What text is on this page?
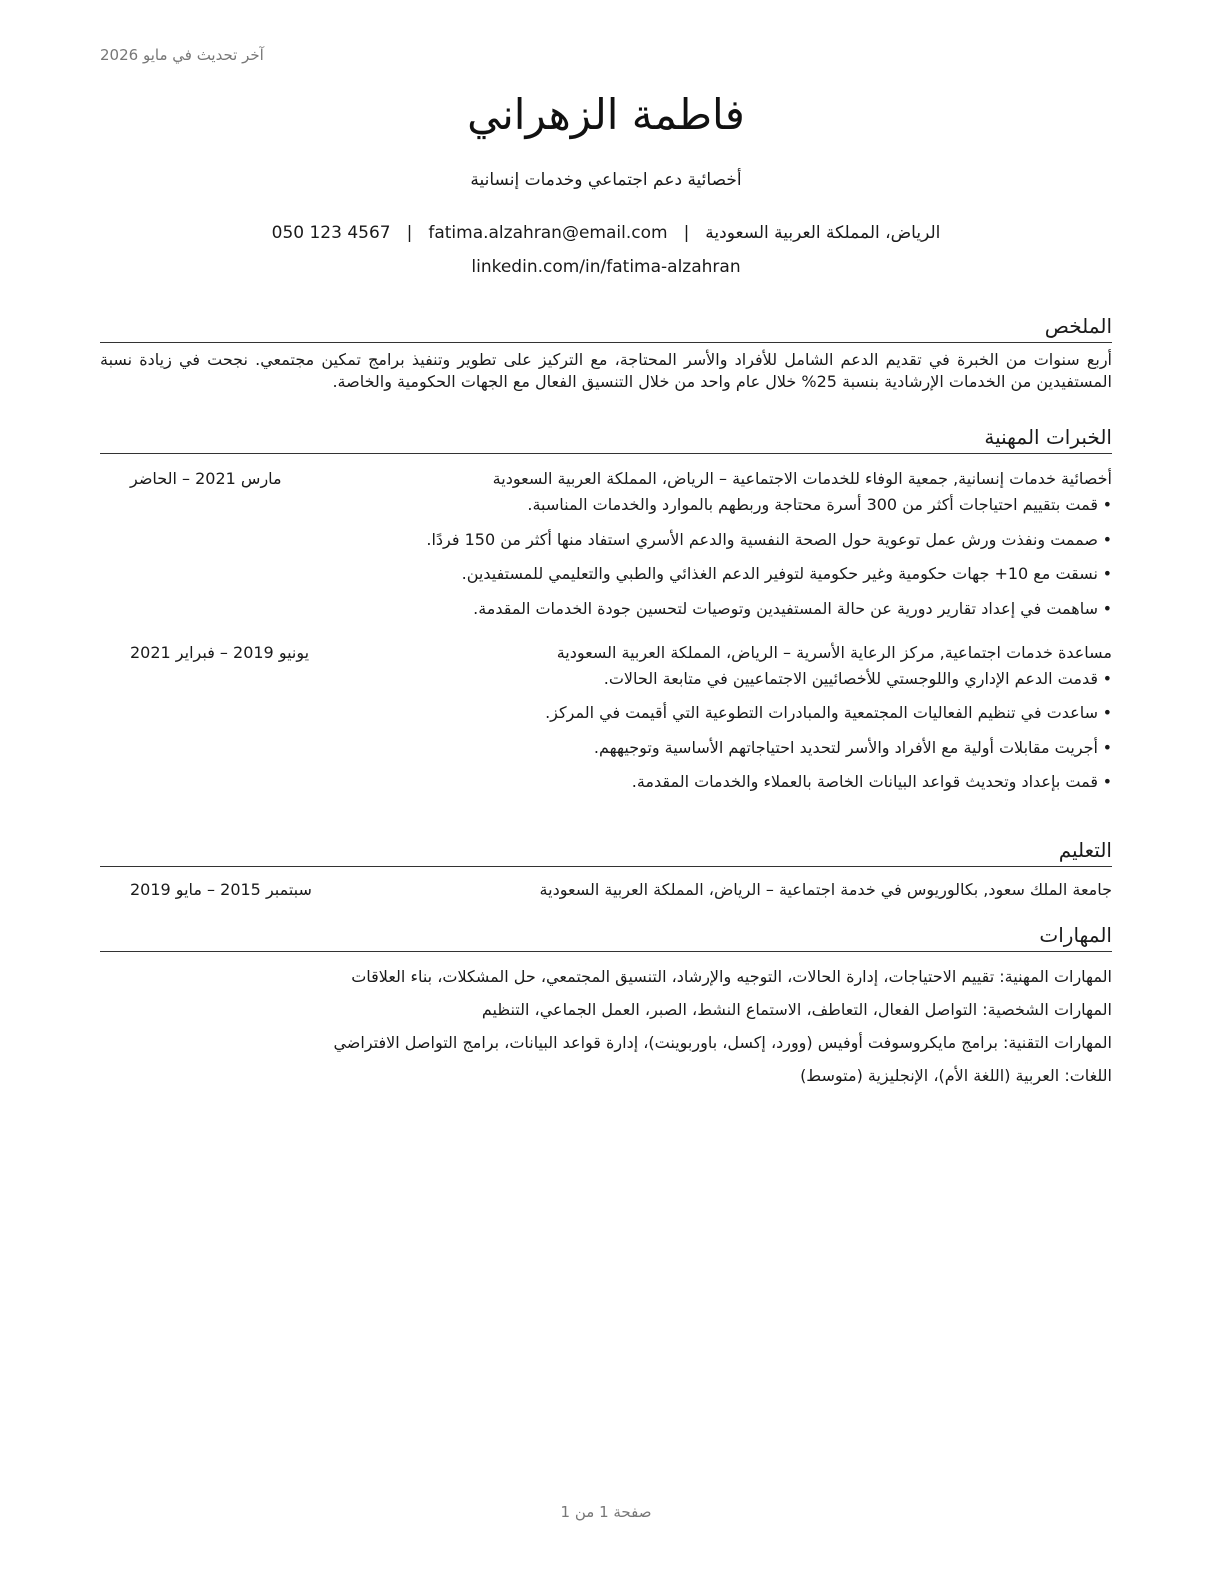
آخر تحديث في مايو 2026
فاطمة الزهراني
أخصائية دعم اجتماعي وخدمات إنسانية
الرياض، المملكة العربية السعودية|fatima.alzahran@email.com|050 123 4567
linkedin.com/in/fatima-alzahran
الملخص
أربع سنوات من الخبرة في تقديم الدعم الشامل للأفراد والأسر المحتاجة، مع التركيز على تطوير وتنفيذ برامج تمكين مجتمعي. نجحت في زيادة نسبة المستفيدين من الخدمات الإرشادية بنسبة 25% خلال عام واحد من خلال التنسيق الفعال مع الجهات الحكومية والخاصة.
الخبرات المهنية
أخصائية خدمات إنسانية, جمعية الوفاء للخدمات الاجتماعية – الرياض، المملكة العربية السعودية
مارس 2021 – الحاضر
• قمت بتقييم احتياجات أكثر من 300 أسرة محتاجة وربطهم بالموارد والخدمات المناسبة.
• صممت ونفذت ورش عمل توعوية حول الصحة النفسية والدعم الأسري استفاد منها أكثر من 150 فردًا.
• نسقت مع 10+ جهات حكومية وغير حكومية لتوفير الدعم الغذائي والطبي والتعليمي للمستفيدين.
• ساهمت في إعداد تقارير دورية عن حالة المستفيدين وتوصيات لتحسين جودة الخدمات المقدمة.
مساعدة خدمات اجتماعية, مركز الرعاية الأسرية – الرياض، المملكة العربية السعودية
يونيو 2019 – فبراير 2021
• قدمت الدعم الإداري واللوجستي للأخصائيين الاجتماعيين في متابعة الحالات.
• ساعدت في تنظيم الفعاليات المجتمعية والمبادرات التطوعية التي أقيمت في المركز.
• أجريت مقابلات أولية مع الأفراد والأسر لتحديد احتياجاتهم الأساسية وتوجيههم.
• قمت بإعداد وتحديث قواعد البيانات الخاصة بالعملاء والخدمات المقدمة.
التعليم
جامعة الملك سعود, بكالوريوس في خدمة اجتماعية – الرياض، المملكة العربية السعودية
سبتمبر 2015 – مايو 2019
المهارات
المهارات المهنية: تقييم الاحتياجات، إدارة الحالات، التوجيه والإرشاد، التنسيق المجتمعي، حل المشكلات، بناء العلاقات
المهارات الشخصية: التواصل الفعال، التعاطف، الاستماع النشط، الصبر، العمل الجماعي، التنظيم
المهارات التقنية: برامج مايكروسوفت أوفيس (وورد، إكسل، باوربوينت)، إدارة قواعد البيانات، برامج التواصل الافتراضي
اللغات: العربية (اللغة الأم)، الإنجليزية (متوسط)
صفحة 1 من 1
